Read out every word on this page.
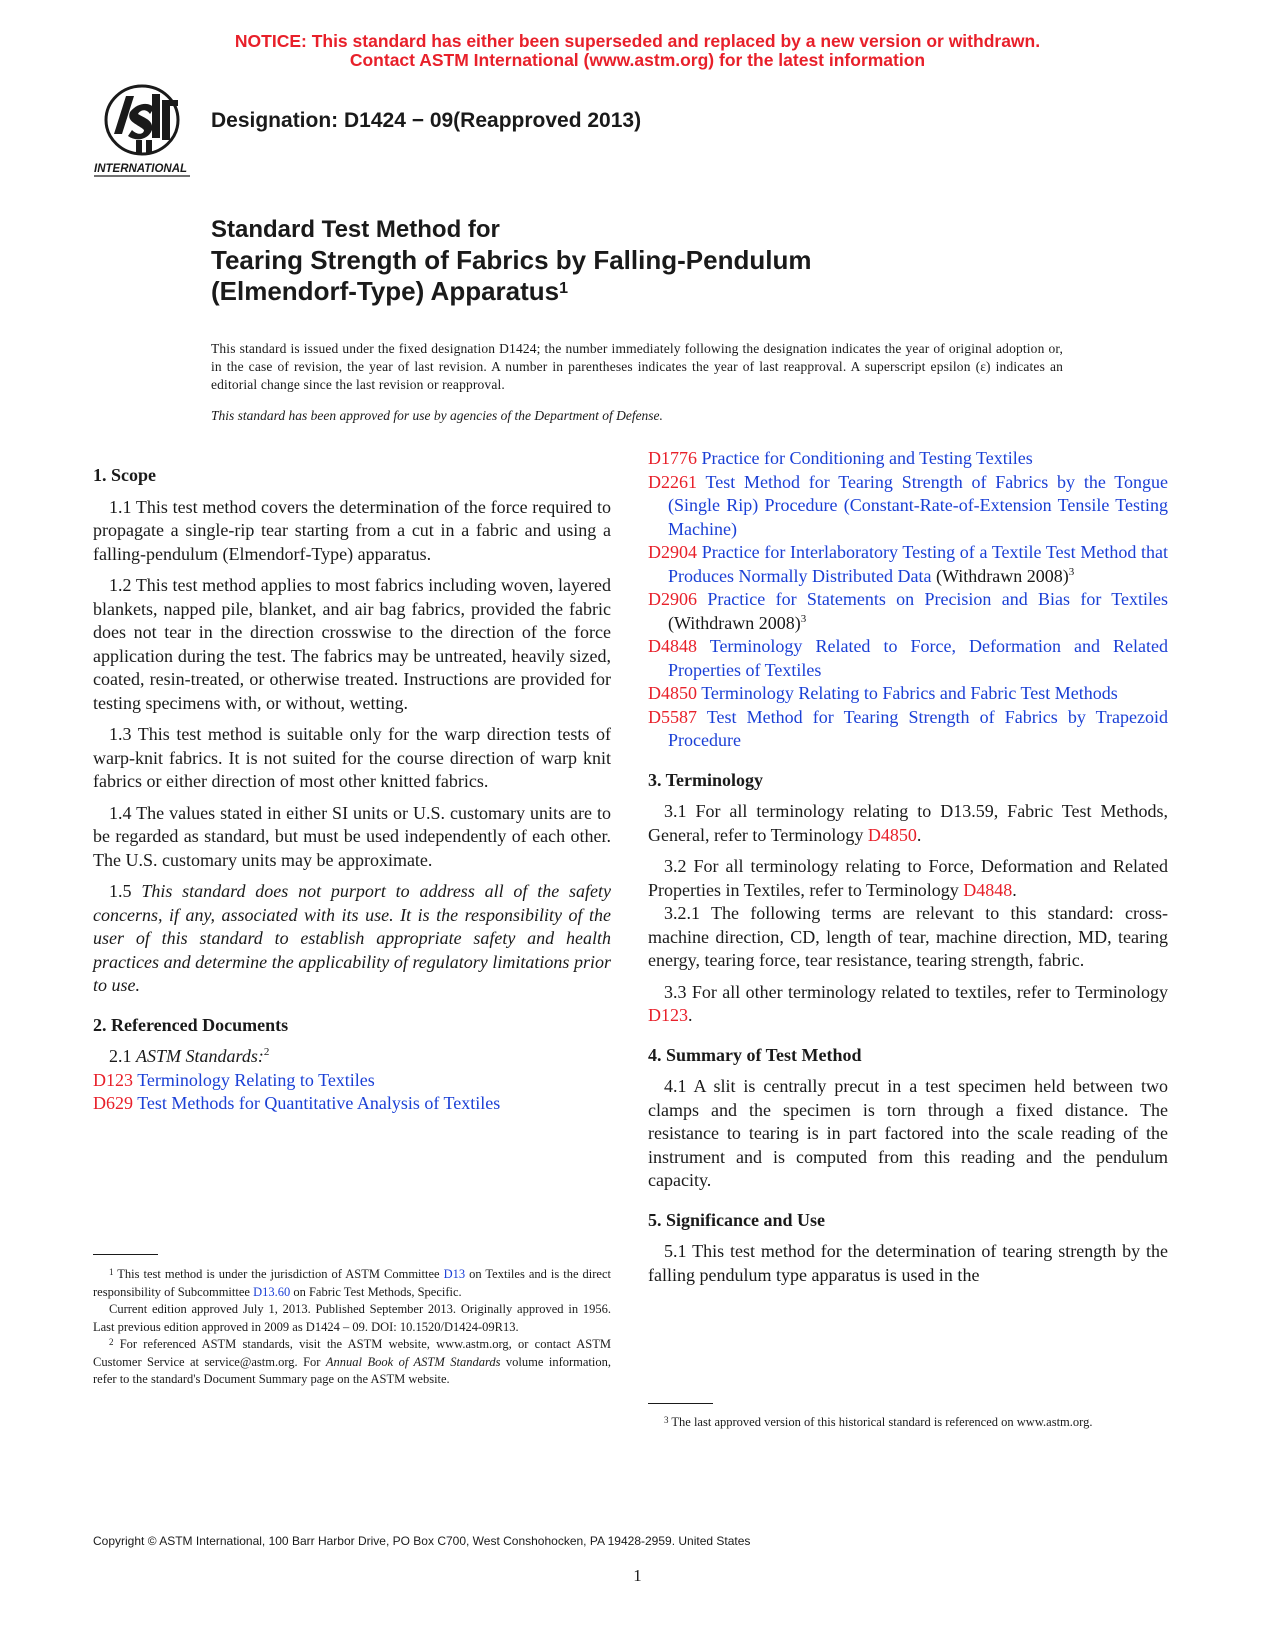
NOTICE: This standard has either been superseded and replaced by a new version or withdrawn.
Contact ASTM International (www.astm.org) for the latest information
INTERNATIONAL
Designation: D1424 − 09(Reapproved 2013)
Standard Test Method for
Tearing Strength of Fabrics by Falling-Pendulum
(Elmendorf-Type) Apparatus$^1$
This standard is issued under the fixed designation D1424; the number immediately following the designation indicates the year of original adoption or, in the case of revision, the year of last revision. A number in parentheses indicates the year of last reapproval. A superscript epsilon (ε) indicates an editorial change since the last revision or reapproval.
This standard has been approved for use by agencies of the Department of Defense.
1. Scope
1.1 This test method covers the determination of the force required to propagate a single-rip tear starting from a cut in a fabric and using a falling-pendulum (Elmendorf-Type) apparatus.
1.2 This test method applies to most fabrics including woven, layered blankets, napped pile, blanket, and air bag fabrics, provided the fabric does not tear in the direction crosswise to the direction of the force application during the test. The fabrics may be untreated, heavily sized, coated, resin-treated, or otherwise treated. Instructions are provided for testing specimens with, or without, wetting.
1.3 This test method is suitable only for the warp direction tests of warp-knit fabrics. It is not suited for the course direction of warp knit fabrics or either direction of most other knitted fabrics.
1.4 The values stated in either SI units or U.S. customary units are to be regarded as standard, but must be used independently of each other. The U.S. customary units may be approximate.
1.5 This standard does not purport to address all of the safety concerns, if any, associated with its use. It is the responsibility of the user of this standard to establish appropriate safety and health practices and determine the applicability of regulatory limitations prior to use.
2. Referenced Documents
2.1 ASTM Standards:$^2$
D123 Terminology Relating to Textiles
D629 Test Methods for Quantitative Analysis of Textiles
$^1$ This test method is under the jurisdiction of ASTM Committee D13 on Textiles and is the direct responsibility of Subcommittee D13.60 on Fabric Test Methods, Specific.
Current edition approved July 1, 2013. Published September 2013. Originally approved in 1956. Last previous edition approved in 2009 as D1424 – 09. DOI: 10.1520/D1424-09R13.
$^2$ For referenced ASTM standards, visit the ASTM website, www.astm.org, or contact ASTM Customer Service at service@astm.org. For Annual Book of ASTM Standards volume information, refer to the standard's Document Summary page on the ASTM website.
D1776 Practice for Conditioning and Testing Textiles
D2261 Test Method for Tearing Strength of Fabrics by the Tongue (Single Rip) Procedure (Constant-Rate-of-Extension Tensile Testing Machine)
D2904 Practice for Interlaboratory Testing of a Textile Test Method that Produces Normally Distributed Data (Withdrawn 2008)$^3$
D2906 Practice for Statements on Precision and Bias for Textiles (Withdrawn 2008)$^3$
D4848 Terminology Related to Force, Deformation and Related Properties of Textiles
D4850 Terminology Relating to Fabrics and Fabric Test Methods
D5587 Test Method for Tearing Strength of Fabrics by Trapezoid Procedure
3. Terminology
3.1 For all terminology relating to D13.59, Fabric Test Methods, General, refer to Terminology D4850.
3.2 For all terminology relating to Force, Deformation and Related Properties in Textiles, refer to Terminology D4848.
3.2.1 The following terms are relevant to this standard: cross-machine direction, CD, length of tear, machine direction, MD, tearing energy, tearing force, tear resistance, tearing strength, fabric.
3.3 For all other terminology related to textiles, refer to Terminology D123.
4. Summary of Test Method
4.1 A slit is centrally precut in a test specimen held between two clamps and the specimen is torn through a fixed distance. The resistance to tearing is in part factored into the scale reading of the instrument and is computed from this reading and the pendulum capacity.
5. Significance and Use
5.1 This test method for the determination of tearing strength by the falling pendulum type apparatus is used in the
$^3$ The last approved version of this historical standard is referenced on www.astm.org.
Copyright © ASTM International, 100 Barr Harbor Drive, PO Box C700, West Conshohocken, PA 19428-2959. United States
1
